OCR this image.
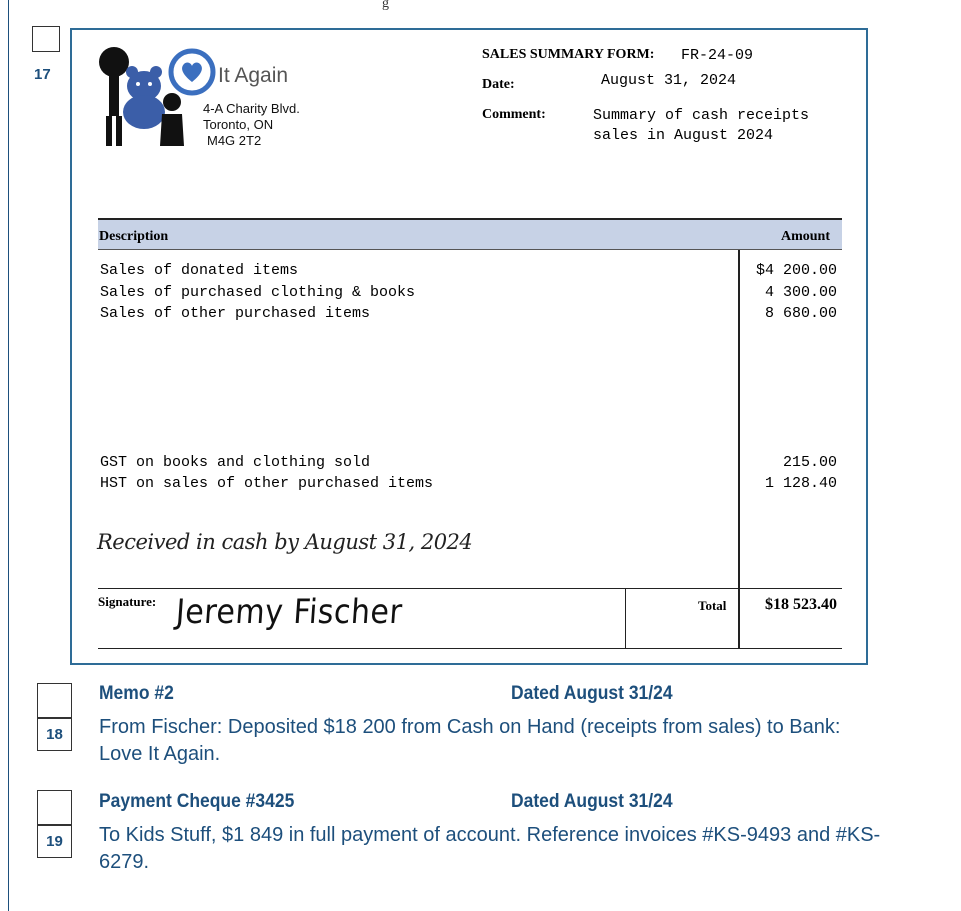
g
17	It Again
4-A Charity Blvd.
Toronto, ON
M4G 2T2
SALES SUMMARY FORM: FR-24-09
Date:	August 31, 2024
Comment:	Summary of cash receipts
sales in August 2024
Description	Amount
Sales of donated items	$4 200.00
Sales of purchased clothing & books	4 300.00
Sales of other purchased items	8 680.00
GST on books and clothing sold	215.00
HST on sales of other purchased items	1 128.40
Received in cash by August 31, 2024
Signature: Jeremy Fischer	Total	$18 523.40
18
Memo #2	Dated August 31/24
From Fischer: Deposited $18 200 from Cash on Hand (receipts from sales) to Bank: Love It Again.
19
Payment Cheque #3425	Dated August 31/24
To Kids Stuff, $1 849 in full payment of account. Reference invoices #KS-9493 and #KS-6279.
